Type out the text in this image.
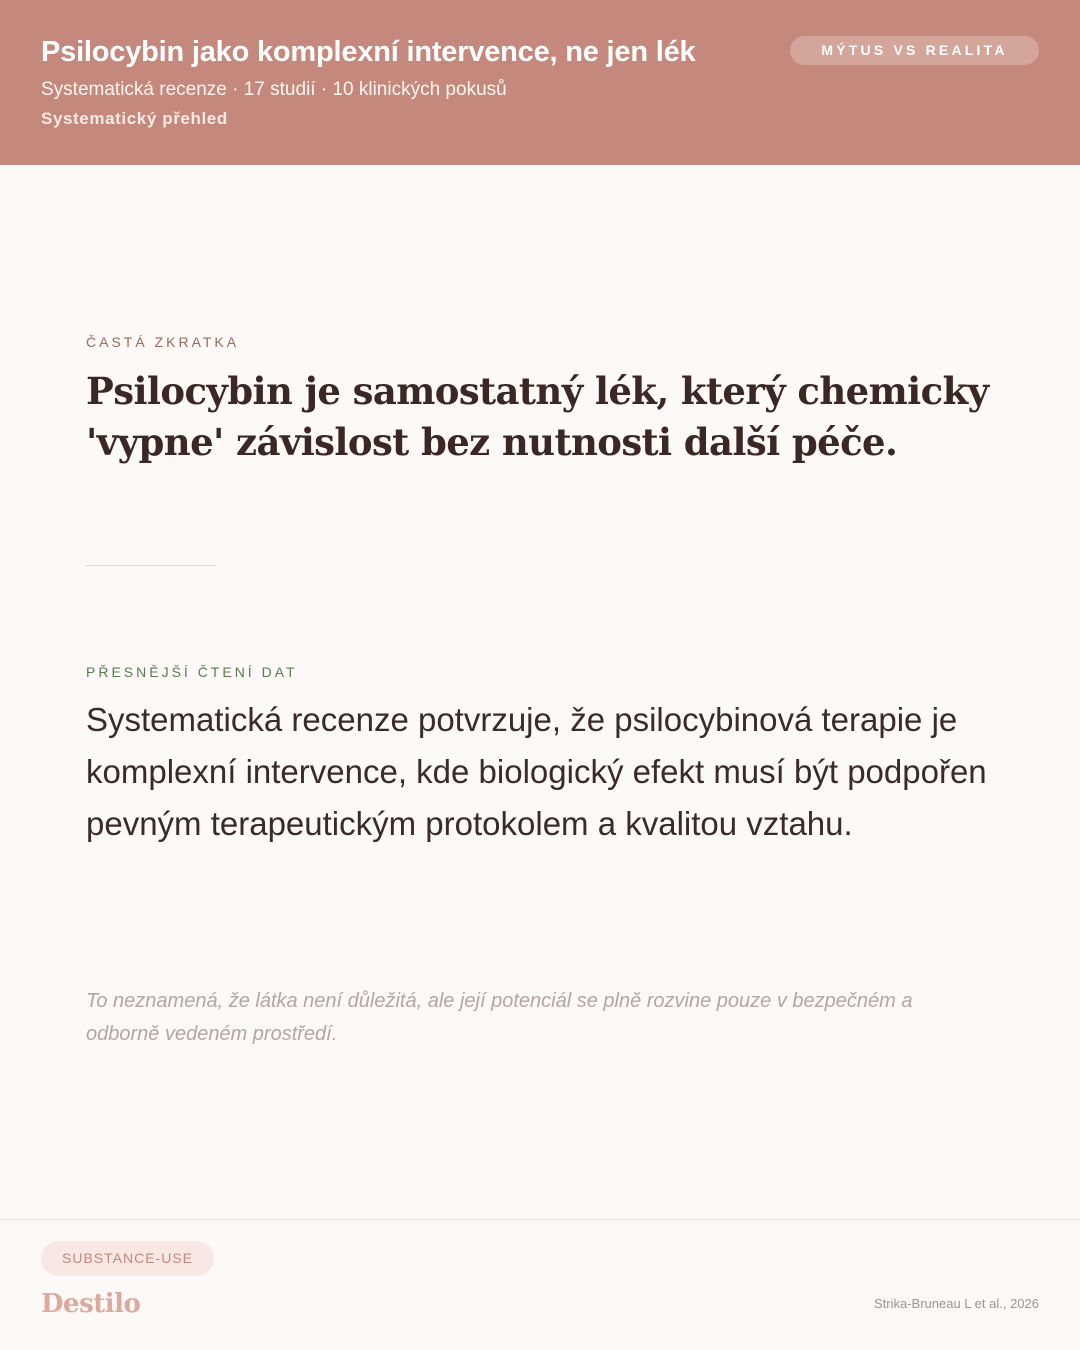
Psilocybin jako komplexní intervence, ne jen lék
Systematická recenze · 17 studií · 10 klinických pokusů
Systematický přehled
MÝTUS VS REALITA
ČASTÁ ZKRATKA
Psilocybin je samostatný lék, který chemicky 'vypne' závislost bez nutnosti další péče.
PŘESNĚJŠÍ ČTENÍ DAT
Systematická recenze potvrzuje, že psilocybinová terapie je komplexní intervence, kde biologický efekt musí být podpořen pevným terapeutickým protokolem a kvalitou vztahu.
To neznamená, že látka není důležitá, ale její potenciál se plně rozvine pouze v bezpečném a odborně vedeném prostředí.
SUBSTANCE-USE
Destilo	Strika-Bruneau L et al., 2026
